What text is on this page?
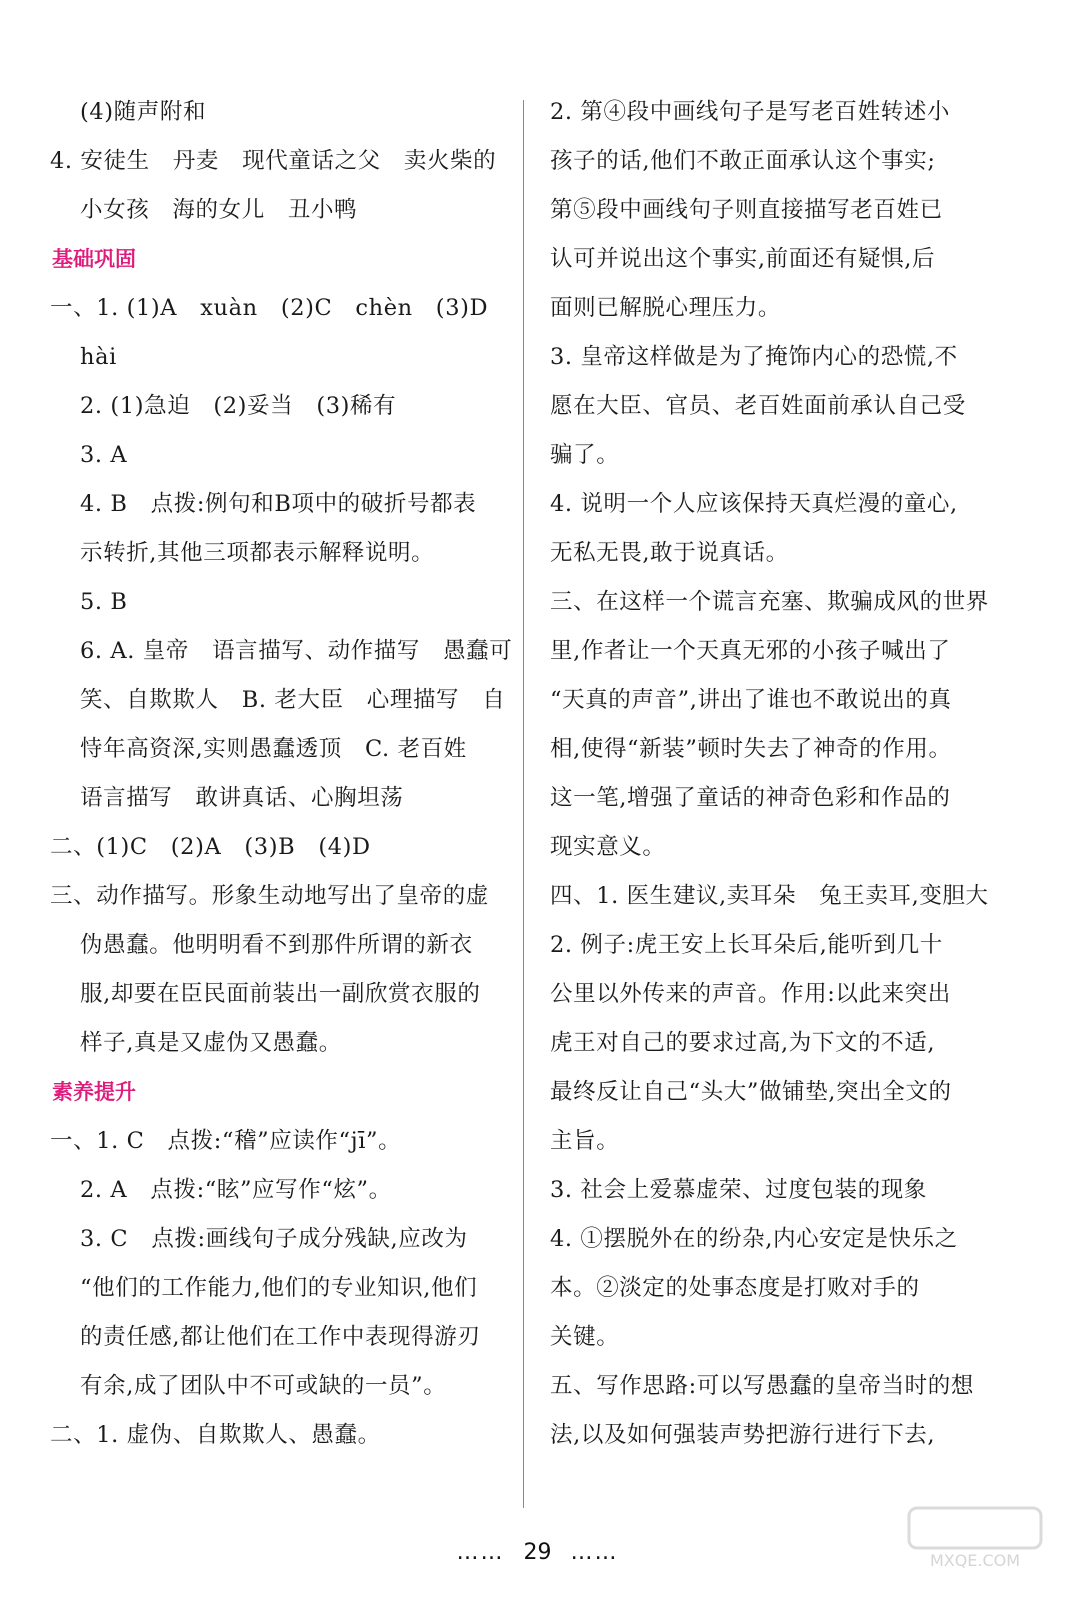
(4)随声附和
4. 安徒生　丹麦　现代童话之父　卖火柴的
小女孩　海的女儿　丑小鸭
基础巩固
一、1. (1)A　xuàn　(2)C　chèn　(3)D
hài
2. (1)急迫　(2)妥当　(3)稀有
3. A
4. B　点拨:例句和B项中的破折号都表
示转折,其他三项都表示解释说明。
5. B
6. A. 皇帝　语言描写、动作描写　愚蠢可
笑、自欺欺人　B. 老大臣　心理描写　自
恃年高资深,实则愚蠢透顶　C. 老百姓
语言描写　敢讲真话、心胸坦荡
二、(1)C　(2)A　(3)B　(4)D
三、动作描写。形象生动地写出了皇帝的虚
伪愚蠢。他明明看不到那件所谓的新衣
服,却要在臣民面前装出一副欣赏衣服的
样子,真是又虚伪又愚蠢。
素养提升
一、1. C　点拨:“稽”应读作“jī”。
2. A　点拨:“眩”应写作“炫”。
3. C　点拨:画线句子成分残缺,应改为
“他们的工作能力,他们的专业知识,他们
的责任感,都让他们在工作中表现得游刃
有余,成了团队中不可或缺的一员”。
二、1. 虚伪、自欺欺人、愚蠢。
2. 第④段中画线句子是写老百姓转述小
孩子的话,他们不敢正面承认这个事实;
第⑤段中画线句子则直接描写老百姓已
认可并说出这个事实,前面还有疑惧,后
面则已解脱心理压力。
3. 皇帝这样做是为了掩饰内心的恐慌,不
愿在大臣、官员、老百姓面前承认自己受
骗了。
4. 说明一个人应该保持天真烂漫的童心,
无私无畏,敢于说真话。
三、在这样一个谎言充塞、欺骗成风的世界
里,作者让一个天真无邪的小孩子喊出了
“天真的声音”,讲出了谁也不敢说出的真
相,使得“新装”顿时失去了神奇的作用。
这一笔,增强了童话的神奇色彩和作品的
现实意义。
四、1. 医生建议,卖耳朵　兔王卖耳,变胆大
2. 例子:虎王安上长耳朵后,能听到几十
公里以外传来的声音。作用:以此来突出
虎王对自己的要求过高,为下文的不适,
最终反让自己“头大”做铺垫,突出全文的
主旨。
3. 社会上爱慕虚荣、过度包装的现象
4. ①摆脱外在的纷杂,内心安定是快乐之
本。②淡定的处事态度是打败对手的
关键。
五、写作思路:可以写愚蠢的皇帝当时的想
法,以及如何强装声势把游行进行下去,
…… 29 ……	MXQE.COM
